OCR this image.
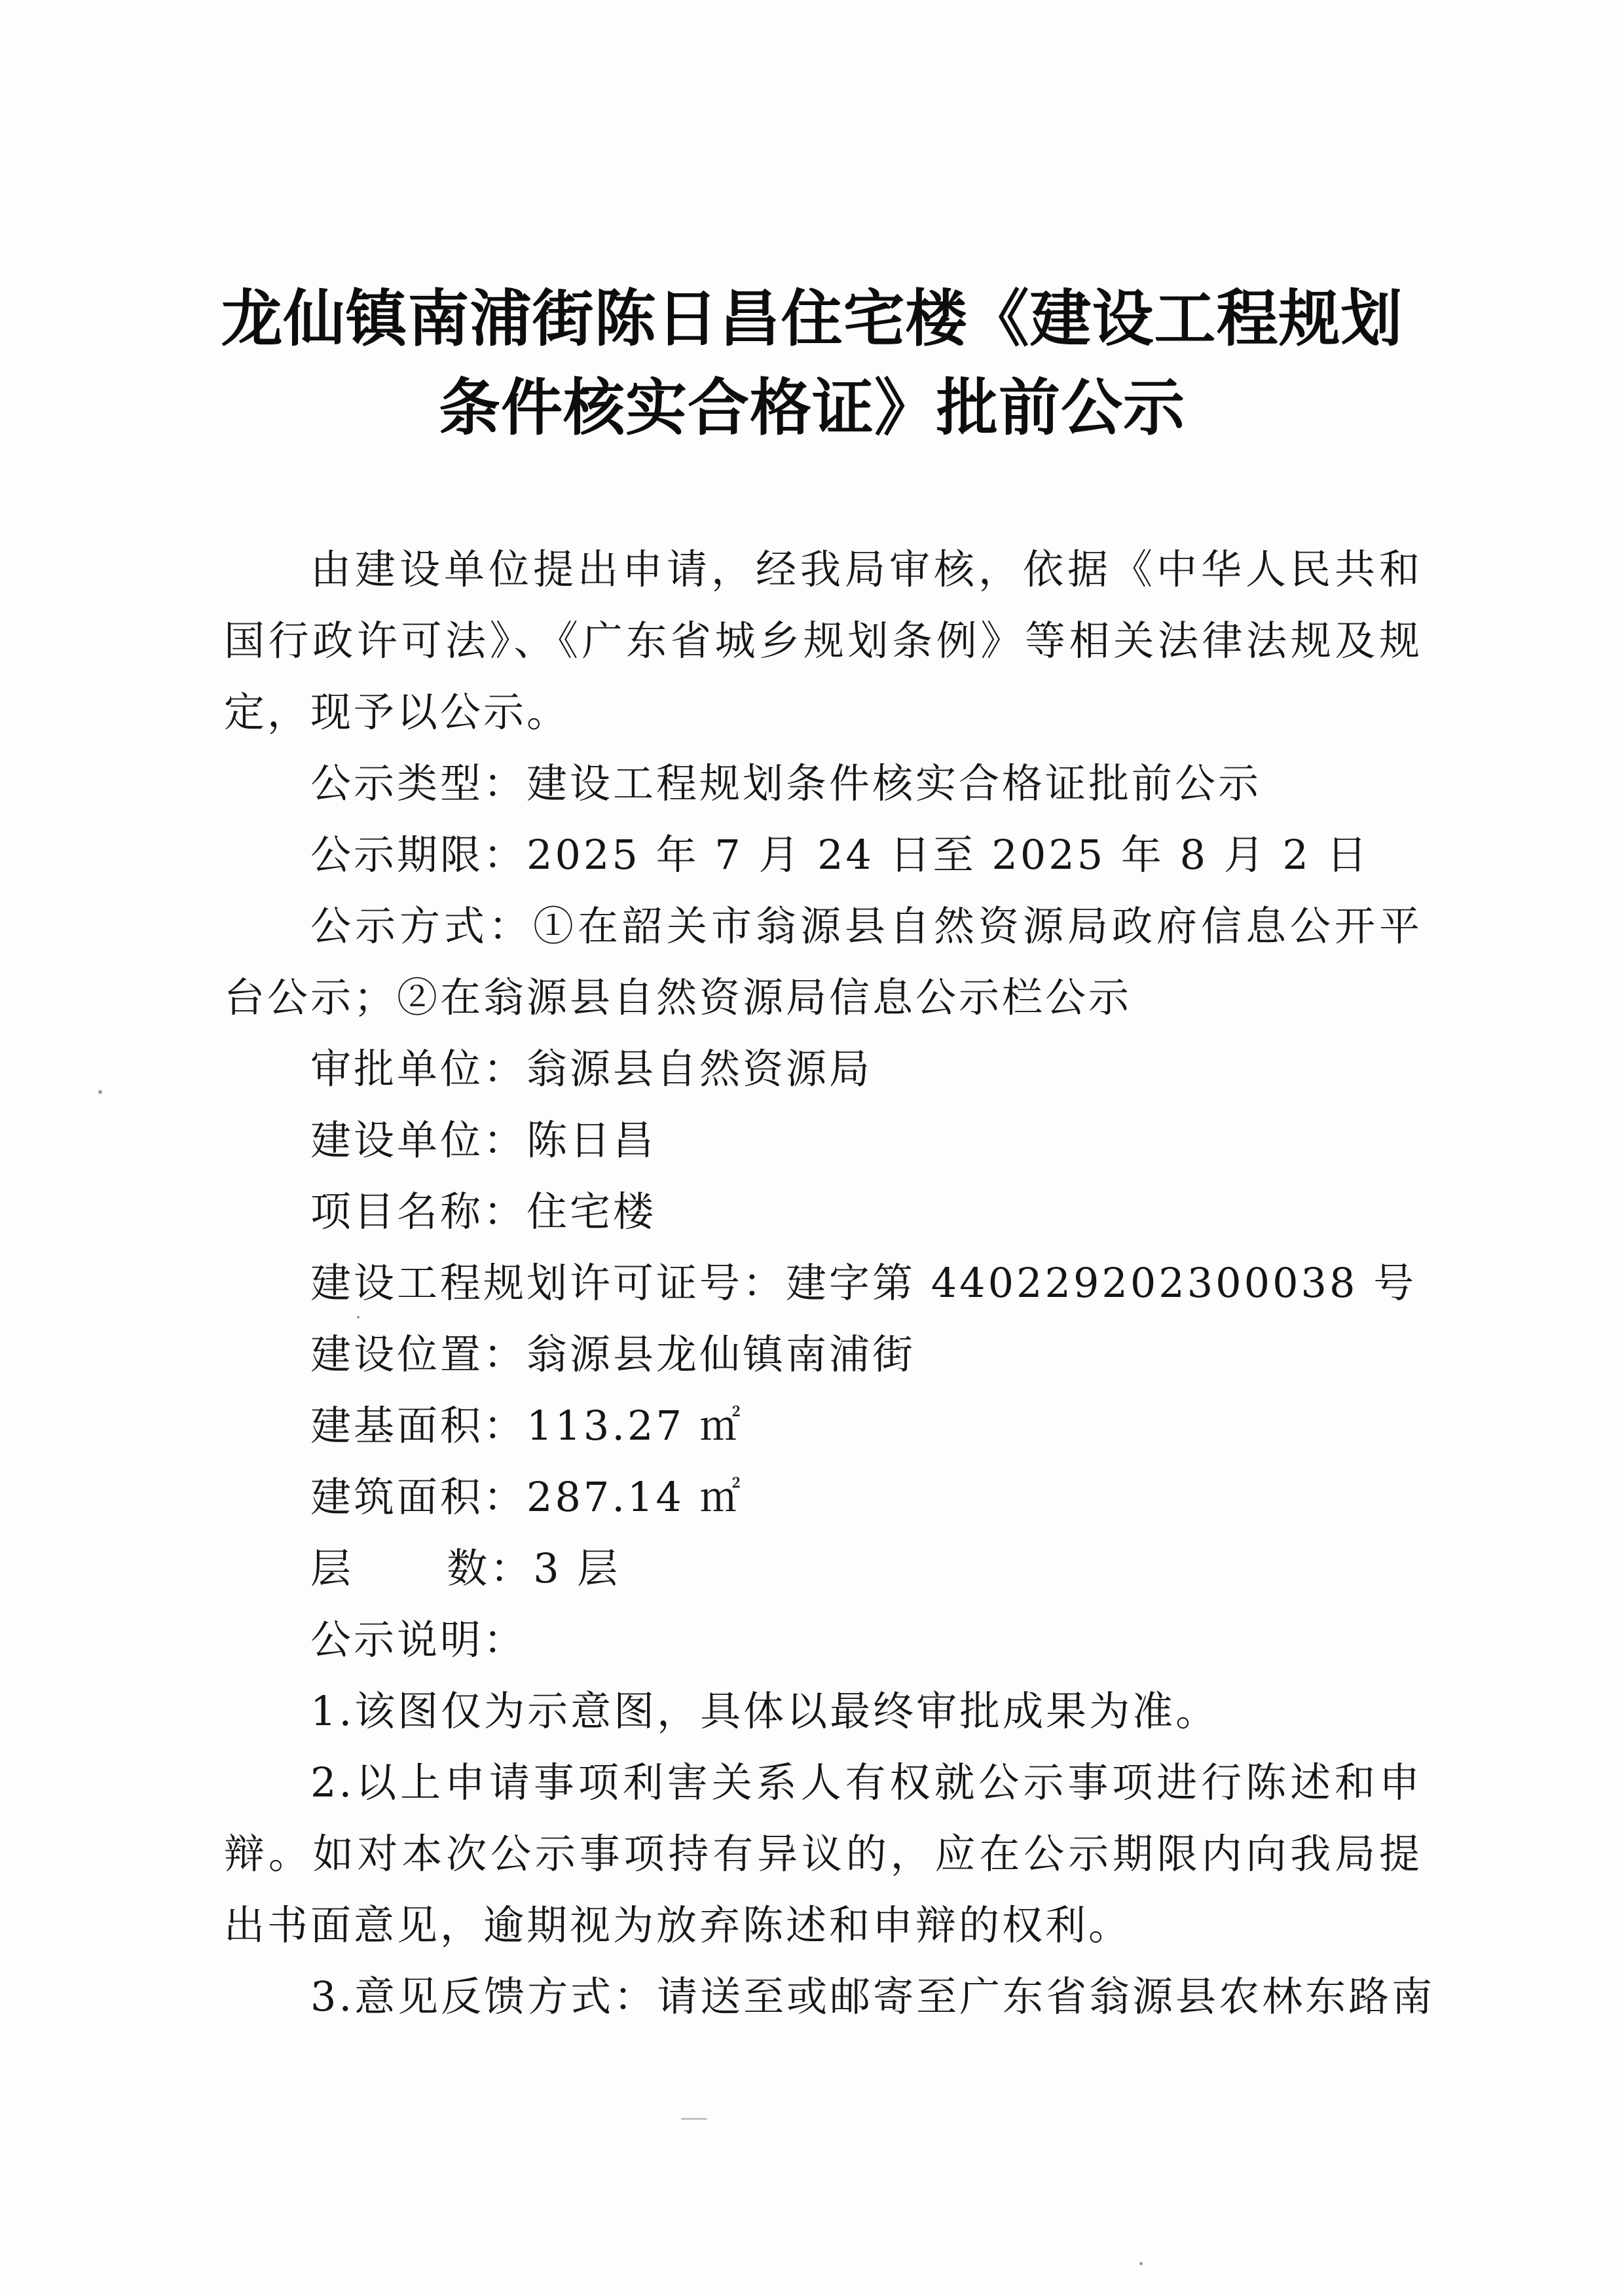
龙仙镇南浦街陈日昌住宅楼《建设工程规划
条件核实合格证》批前公示

由建设单位提出申请，经我局审核，依据《中华人民共和国行政许可法》、《广东省城乡规划条例》等相关法律法规及规定，现予以公示。

公示类型：建设工程规划条件核实合格证批前公示

公示期限：2025 年 7 月 24 日至 2025 年 8 月 2 日

公示方式：①在韶关市翁源县自然资源局政府信息公开平台公示；②在翁源县自然资源局信息公示栏公示

审批单位：翁源县自然资源局

建设单位：陈日昌

项目名称：住宅楼

建设工程规划许可证号：建字第 440229202300038 号

建设位置：翁源县龙仙镇南浦街

建基面积：113.27 ㎡

建筑面积：287.14 ㎡

层      数：3 层

公示说明：

1.该图仅为示意图，具体以最终审批成果为准。

2.以上申请事项利害关系人有权就公示事项进行陈述和申辩。如对本次公示事项持有异议的，应在公示期限内向我局提出书面意见，逾期视为放弃陈述和申辩的权利。

3.意见反馈方式：请送至或邮寄至广东省翁源县农林东路南
